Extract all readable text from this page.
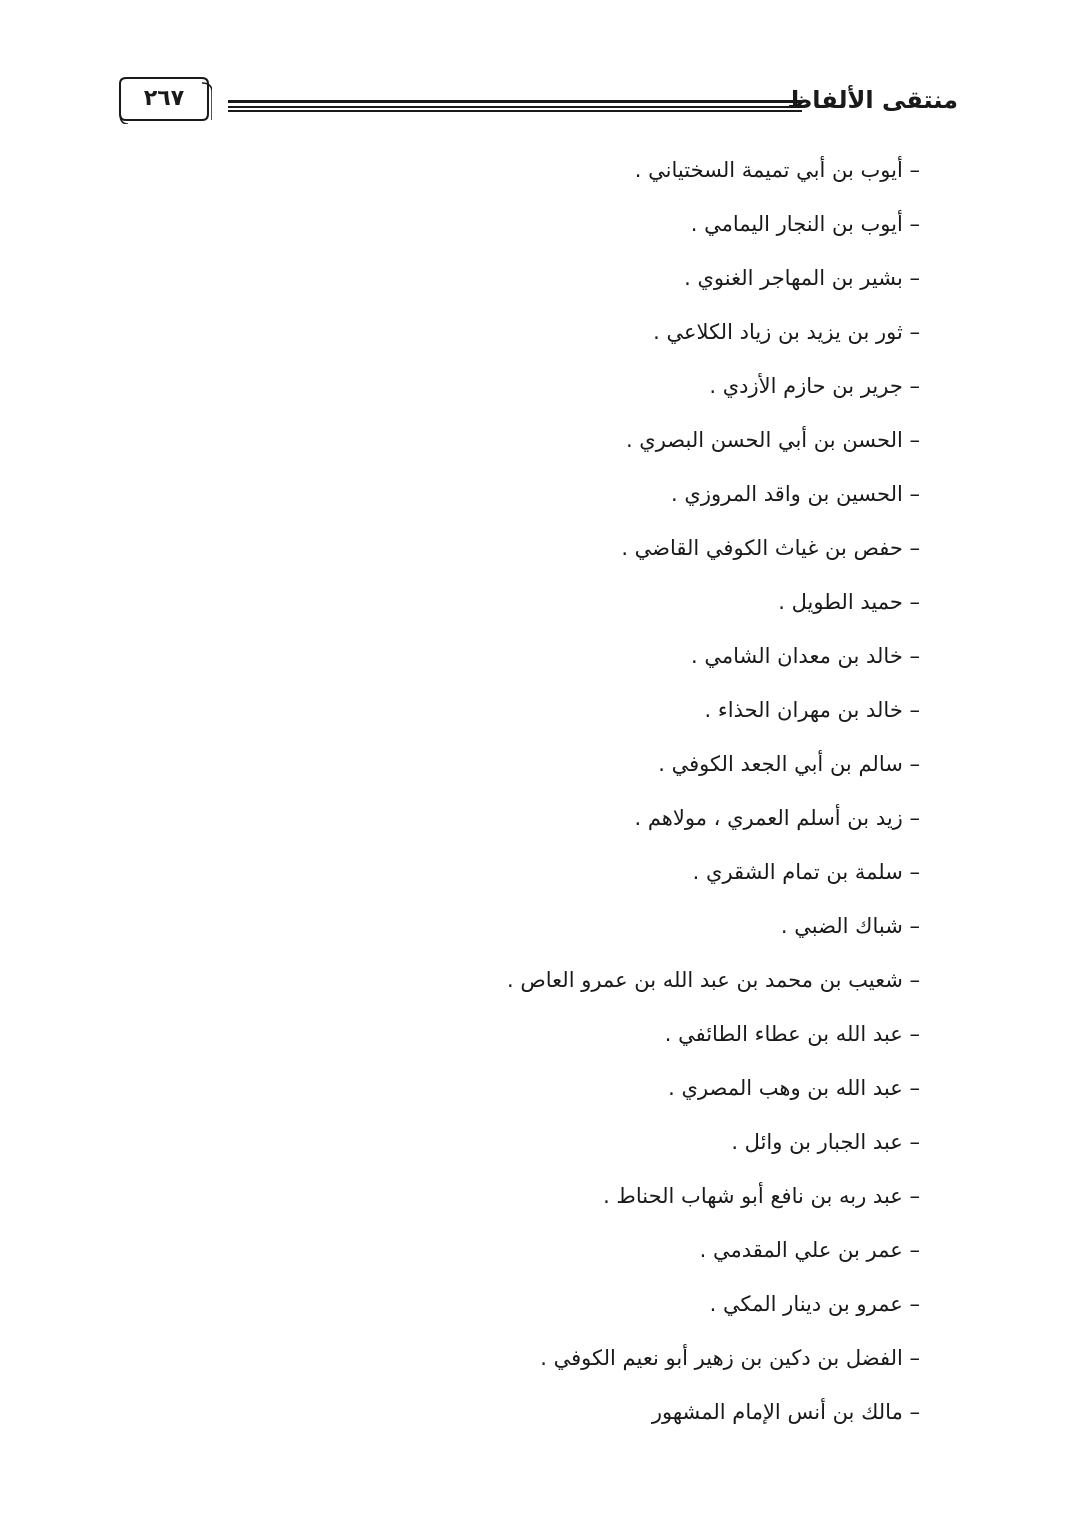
٢٦٧	منتقى الألفاظ
– أيوب بن أبي تميمة السختياني .
– أيوب بن النجار اليمامي .
– بشير بن المهاجر الغنوي .
– ثور بن يزيد بن زياد الكلاعي .
– جرير بن حازم الأزدي .
– الحسن بن أبي الحسن البصري .
– الحسين بن واقد المروزي .
– حفص بن غياث الكوفي القاضي .
– حميد الطويل .
– خالد بن معدان الشامي .
– خالد بن مهران الحذاء .
– سالم بن أبي الجعد الكوفي .
– زيد بن أسلم العمري ، مولاهم .
– سلمة بن تمام الشقري .
– شباك الضبي .
– شعيب بن محمد بن عبد الله بن عمرو العاص .
– عبد الله بن عطاء الطائفي .
– عبد الله بن وهب المصري .
– عبد الجبار بن وائل .
– عبد ربه بن نافع أبو شهاب الحناط .
– عمر بن علي المقدمي .
– عمرو بن دينار المكي .
– الفضل بن دكين بن زهير أبو نعيم الكوفي .
– مالك بن أنس الإمام المشهور
